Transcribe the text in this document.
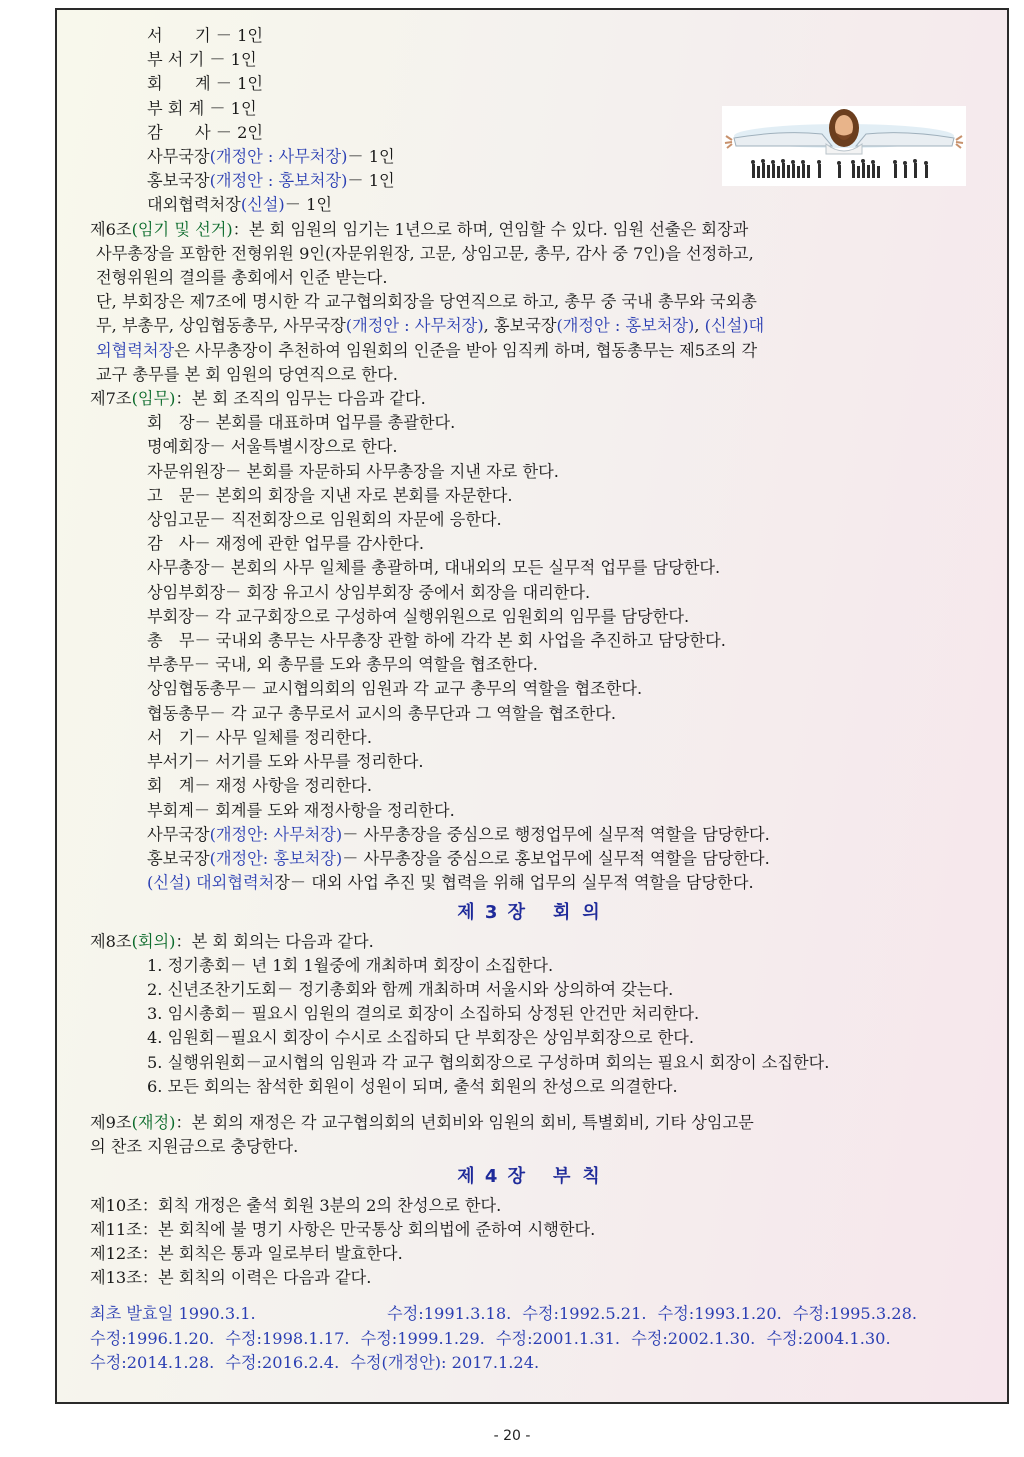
서　　기 － 1인
부 서 기 － 1인
회　　계 － 1인
부 회 계 － 1인
감　　사 － 2인
사무국장(개정안 : 사무처장)－ 1인
홍보국장(개정안 : 홍보처장)－ 1인
대외협력처장(신설)－ 1인
제6조(임기 및 선거)：본 회 임원의 임기는 1년으로 하며, 연임할 수 있다. 임원 선출은 회장과
사무총장을 포함한 전형위원 9인(자문위원장, 고문, 상임고문, 총무, 감사 중 7인)을 선정하고,
전형위원의 결의를 총회에서 인준 받는다.
단, 부회장은 제7조에 명시한 각 교구협의회장을 당연직으로 하고, 총무 중 국내 총무와 국외총
무, 부총무, 상임협동총무, 사무국장(개정안 : 사무처장), 홍보국장(개정안 : 홍보처장), (신설)대
외협력처장은 사무총장이 추천하여 임원회의 인준을 받아 임직케 하며, 협동총무는 제5조의 각
교구 총무를 본 회 임원의 당연직으로 한다.
제7조(임무)：본 회 조직의 임무는 다음과 같다.
회　장－ 본회를 대표하며 업무를 총괄한다.
명예회장－ 서울특별시장으로 한다.
자문위원장－ 본회를 자문하되 사무총장을 지낸 자로 한다.
고　문－ 본회의 회장을 지낸 자로 본회를 자문한다.
상임고문－ 직전회장으로 임원회의 자문에 응한다.
감　사－ 재정에 관한 업무를 감사한다.
사무총장－ 본회의 사무 일체를 총괄하며, 대내외의 모든 실무적 업무를 담당한다.
상임부회장－ 회장 유고시 상임부회장 중에서 회장을 대리한다.
부회장－ 각 교구회장으로 구성하여 실행위원으로 임원회의 임무를 담당한다.
총　무－ 국내외 총무는 사무총장 관할 하에 각각 본 회 사업을 추진하고 담당한다.
부총무－ 국내, 외 총무를 도와 총무의 역할을 협조한다.
상임협동총무－ 교시협의회의 임원과 각 교구 총무의 역할을 협조한다.
협동총무－ 각 교구 총무로서 교시의 총무단과 그 역할을 협조한다.
서　기－ 사무 일체를 정리한다.
부서기－ 서기를 도와 사무를 정리한다.
회　계－ 재정 사항을 정리한다.
부회계－ 회계를 도와 재정사항을 정리한다.
사무국장(개정안: 사무처장)－ 사무총장을 중심으로 행정업무에 실무적 역할을 담당한다.
홍보국장(개정안: 홍보처장)－ 사무총장을 중심으로 홍보업무에 실무적 역할을 담당한다.
(신설) 대외협력처장－ 대외 사업 추진 및 협력을 위해 업무의 실무적 역할을 담당한다.
제 3 장 회의
제8조(회의)：본 회 회의는 다음과 같다.
1. 정기총회－ 년 1회 1월중에 개최하며 회장이 소집한다.
2. 신년조찬기도회－ 정기총회와 함께 개최하며 서울시와 상의하여 갖는다.
3. 임시총회－ 필요시 임원의 결의로 회장이 소집하되 상정된 안건만 처리한다.
4. 임원회－필요시 회장이 수시로 소집하되 단 부회장은 상임부회장으로 한다.
5. 실행위원회－교시협의 임원과 각 교구 협의회장으로 구성하며 회의는 필요시 회장이 소집한다.
6. 모든 회의는 참석한 회원이 성원이 되며, 출석 회원의 찬성으로 의결한다.
제9조(재정)：본 회의 재정은 각 교구협의회의 년회비와 임원의 회비, 특별회비, 기타 상임고문
의 찬조 지원금으로 충당한다.
제 4 장 부칙
제10조：회칙 개정은 출석 회원 3분의 2의 찬성으로 한다.
제11조：본 회칙에 불 명기 사항은 만국통상 회의법에 준하여 시행한다.
제12조：본 회칙은 통과 일로부터 발효한다.
제13조：본 회칙의 이력은 다음과 같다.
최초 발효일 1990.3.1.	수정:1991.3.18. 수정:1992.5.21. 수정:1993.1.20. 수정:1995.3.28.
수정:1996.1.20. 수정:1998.1.17. 수정:1999.1.29. 수정:2001.1.31. 수정:2002.1.30. 수정:2004.1.30.
수정:2014.1.28. 수정:2016.2.4. 수정(개정안): 2017.1.24.
- 20 -
